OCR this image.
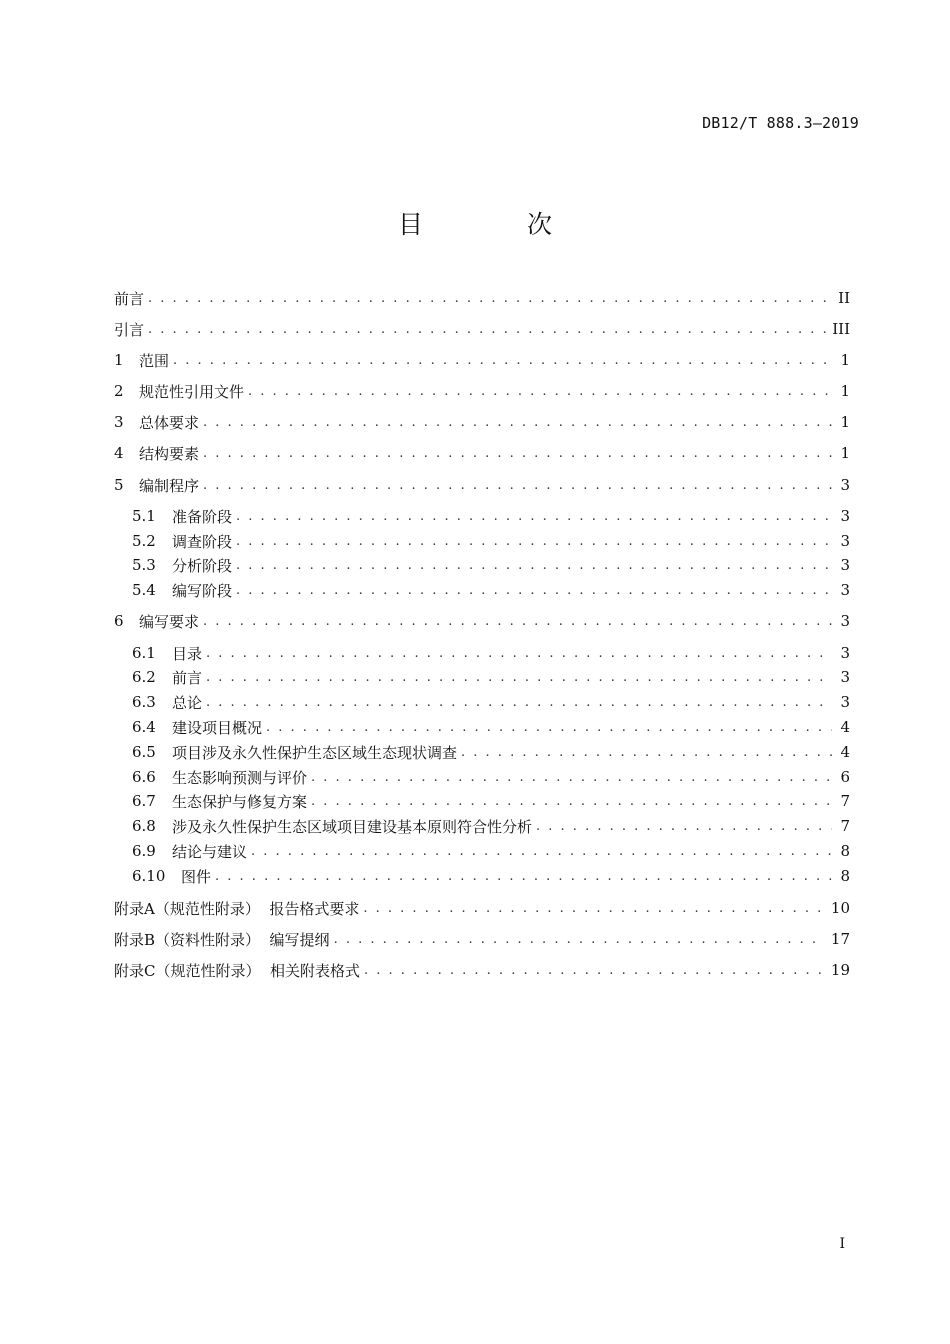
DB12/T 888.3—2019
目 次
前言 . . .	II
引言 . . .	III
1	范围 . . .	1
2	规范性引用文件 . . .	1
3	总体要求 . . .	1
4	结构要素 . . .	1
5	编制程序 . . .	3
5.1	准备阶段 . . .	3
5.2	调查阶段 . . .	3
5.3	分析阶段 . . .	3
5.4	编写阶段 . . .	3
6	编写要求 . . .	3
6.1	目录 . . .	3
6.2	前言 . . .	3
6.3	总论 . . .	3
6.4	建设项目概况 . . .	4
6.5	项目涉及永久性保护生态区域生态现状调查 . . .	4
6.6	生态影响预测与评价 . . .	6
6.7	生态保护与修复方案 . . .	7
6.8	涉及永久性保护生态区域项目建设基本原则符合性分析 . . .	7
6.9	结论与建议 . . .	8
6.10	图件 . . .	8
附录A（规范性附录）  报告格式要求 . . .	10
附录B（资料性附录）  编写提纲 . . .	17
附录C（规范性附录）  相关附表格式 . . .	19
I
